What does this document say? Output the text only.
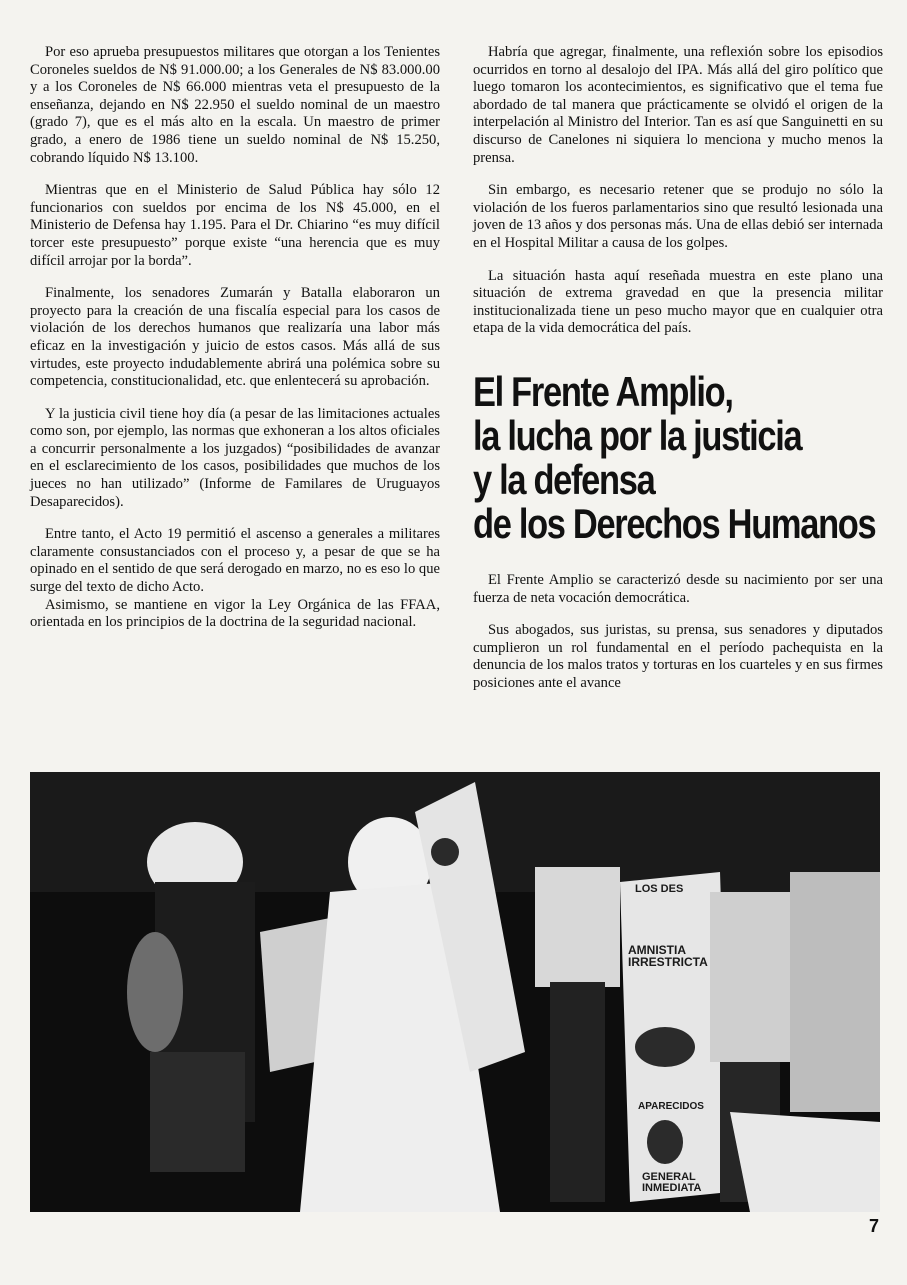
Por eso aprueba presupuestos militares que otorgan a los Tenientes Coroneles sueldos de N$ 91.000.00; a los Generales de N$ 83.000.00 y a los Coroneles de N$ 66.000 mientras veta el presupuesto de la enseñanza, dejando en N$ 22.950 el sueldo nominal de un maestro (grado 7), que es el más alto en la escala. Un maestro de primer grado, a enero de 1986 tiene un sueldo nominal de N$ 15.250, cobrando líquido N$ 13.100.

Mientras que en el Ministerio de Salud Pública hay sólo 12 funcionarios con sueldos por encima de los N$ 45.000, en el Ministerio de Defensa hay 1.195. Para el Dr. Chiarino “es muy difícil torcer este presupuesto” porque existe “una herencia que es muy difícil arrojar por la borda”.

Finalmente, los senadores Zumarán y Batalla elaboraron un proyecto para la creación de una fiscalía especial para los casos de violación de los derechos humanos que realizaría una labor más eficaz en la investigación y juicio de estos casos. Más allá de sus virtudes, este proyecto indudablemente abrirá una polémica sobre su competencia, constitucionalidad, etc. que enlentecerá su aprobación.

Y la justicia civil tiene hoy día (a pesar de las limitaciones actuales como son, por ejemplo, las normas que exhoneran a los altos oficiales a concurrir personalmente a los juzgados) “posibilidades de avanzar en el esclarecimiento de los casos, posibilidades que muchos de los jueces no han utilizado” (Informe de Familares de Uruguayos Desaparecidos).

Entre tanto, el Acto 19 permitió el ascenso a generales a militares claramente consustanciados con el proceso y, a pesar de que se ha opinado en el sentido de que será derogado en marzo, no es eso lo que surge del texto de dicho Acto.

Asimismo, se mantiene en vigor la Ley Orgánica de las FFAA, orientada en los principios de la doctrina de la seguridad nacional.

Habría que agregar, finalmente, una reflexión sobre los episodios ocurridos en torno al desalojo del IPA. Más allá del giro político que luego tomaron los acontecimientos, es significativo que el tema fue abordado de tal manera que prácticamente se olvidó el origen de la interpelación al Ministro del Interior. Tan es así que Sanguinetti en su discurso de Canelones ni siquiera lo menciona y mucho menos la prensa.

Sin embargo, es necesario retener que se produjo no sólo la violación de los fueros parlamentarios sino que resultó lesionada una joven de 13 años y dos personas más. Una de ellas debió ser internada en el Hospital Militar a causa de los golpes.

La situación hasta aquí reseñada muestra en este plano una situación de extrema gravedad en que la presencia militar institucionalizada tiene un peso mucho mayor que en cualquier otra etapa de la vida democrática del país.

El Frente Amplio,
la lucha por la justicia
y la defensa
de los Derechos Humanos

El Frente Amplio se caracterizó desde su nacimiento por ser una fuerza de neta vocación democrática.

Sus abogados, sus juristas, su prensa, sus senadores y diputados cumplieron un rol fundamental en el período pachequista en la denuncia de los malos tratos y torturas en los cuarteles y en sus firmes posiciones ante el avance

AMNISTIA IRRESTRICTA
LOS DES
APARECIDOS
GENERAL INMEDIATA
7
